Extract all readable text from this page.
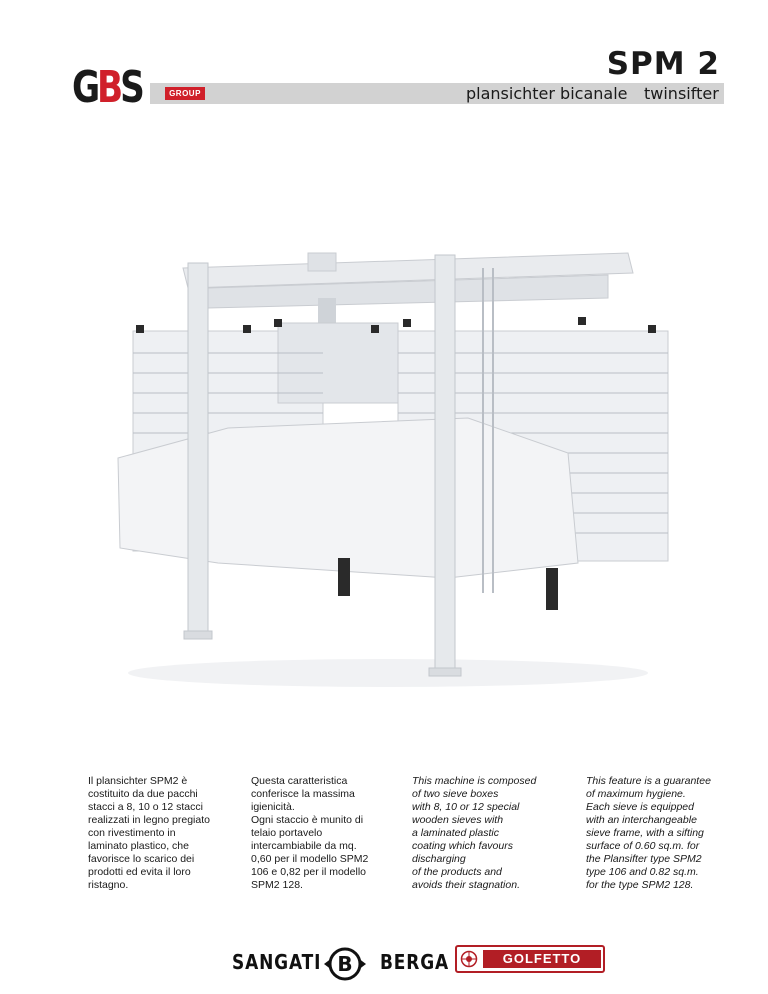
GBS	GROUP
SPM 2
plansichter bicanale twinsifter

Il plansichter SPM2 è

costituito da due pacchi

stacci a 8, 10 o 12 stacci

realizzati in legno pregiato

con rivestimento in

laminato plastico, che

favorisce lo scarico dei

prodotti ed evita il loro

ristagno.

Questa caratteristica

conferisce la massima

igienicità.

Ogni staccio è munito di

telaio portavelo

intercambiabile da mq.

0,60 per il modello SPM2

106 e 0,82 per il modello

SPM2 128.

This machine is composed

of two sieve boxes

with 8, 10 or 12 special

wooden sieves with

a laminated plastic

coating which favours

discharging

of the products and

avoids their stagnation.

This feature is a guarantee

of maximum hygiene.

Each sieve is equipped

with an interchangeable

sieve frame, with a sifting

surface of 0.60 sq.m. for

the Plansifter type SPM2

type 106 and 0.82 sq.m.

for the type SPM2 128.

SANGATI B BERGA	GOLFETTO
